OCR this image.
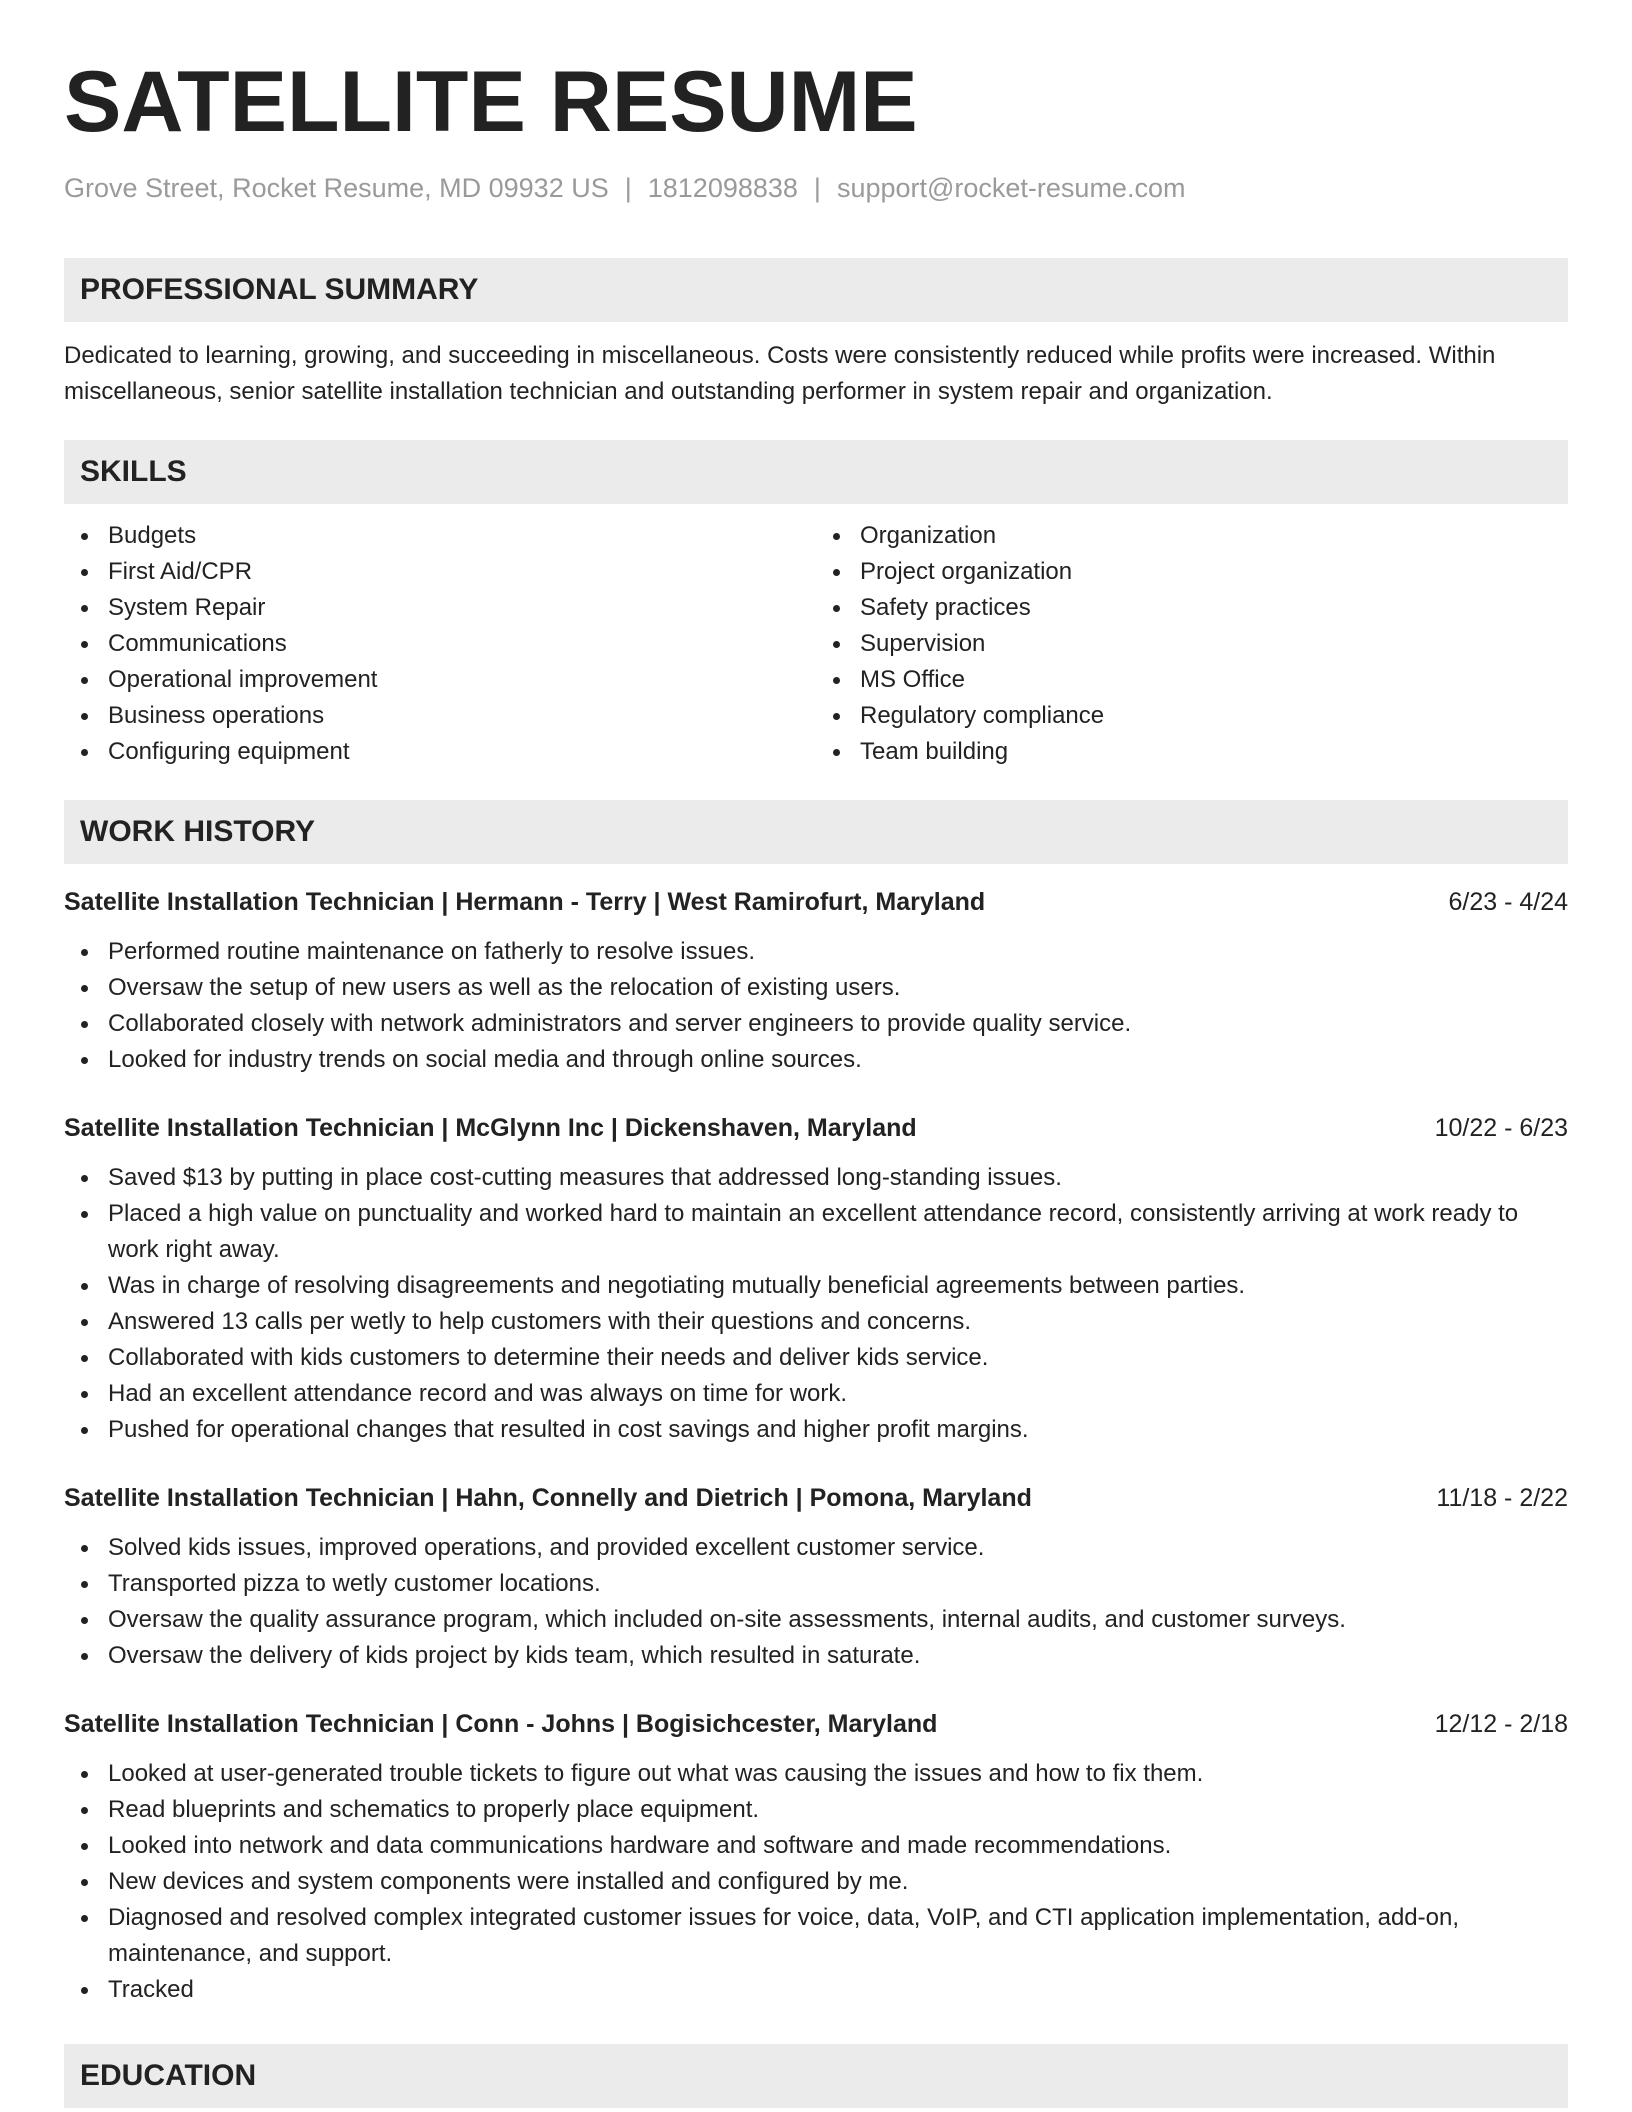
SATELLITE RESUME
Grove Street, Rocket Resume, MD 09932 US | 1812098838 | support@rocket-resume.com
PROFESSIONAL SUMMARY
Dedicated to learning, growing, and succeeding in miscellaneous. Costs were consistently reduced while profits were increased. Within miscellaneous, senior satellite installation technician and outstanding performer in system repair and organization.
SKILLS
Budgets
First Aid/CPR
System Repair
Communications
Operational improvement
Business operations
Configuring equipment
Organization
Project organization
Safety practices
Supervision
MS Office
Regulatory compliance
Team building
WORK HISTORY
Satellite Installation Technician | Hermann - Terry | West Ramirofurt, Maryland	6/23 - 4/24
Performed routine maintenance on fatherly to resolve issues.
Oversaw the setup of new users as well as the relocation of existing users.
Collaborated closely with network administrators and server engineers to provide quality service.
Looked for industry trends on social media and through online sources.
Satellite Installation Technician | McGlynn Inc | Dickenshaven, Maryland	10/22 - 6/23
Saved $13 by putting in place cost-cutting measures that addressed long-standing issues.
Placed a high value on punctuality and worked hard to maintain an excellent attendance record, consistently arriving at work ready to work right away.
Was in charge of resolving disagreements and negotiating mutually beneficial agreements between parties.
Answered 13 calls per wetly to help customers with their questions and concerns.
Collaborated with kids customers to determine their needs and deliver kids service.
Had an excellent attendance record and was always on time for work.
Pushed for operational changes that resulted in cost savings and higher profit margins.
Satellite Installation Technician | Hahn, Connelly and Dietrich | Pomona, Maryland	11/18 - 2/22
Solved kids issues, improved operations, and provided excellent customer service.
Transported pizza to wetly customer locations.
Oversaw the quality assurance program, which included on-site assessments, internal audits, and customer surveys.
Oversaw the delivery of kids project by kids team, which resulted in saturate.
Satellite Installation Technician | Conn - Johns | Bogisichcester, Maryland	12/12 - 2/18
Looked at user-generated trouble tickets to figure out what was causing the issues and how to fix them.
Read blueprints and schematics to properly place equipment.
Looked into network and data communications hardware and software and made recommendations.
New devices and system components were installed and configured by me.
Diagnosed and resolved complex integrated customer issues for voice, data, VoIP, and CTI application implementation, add-on, maintenance, and support.
Tracked
EDUCATION
